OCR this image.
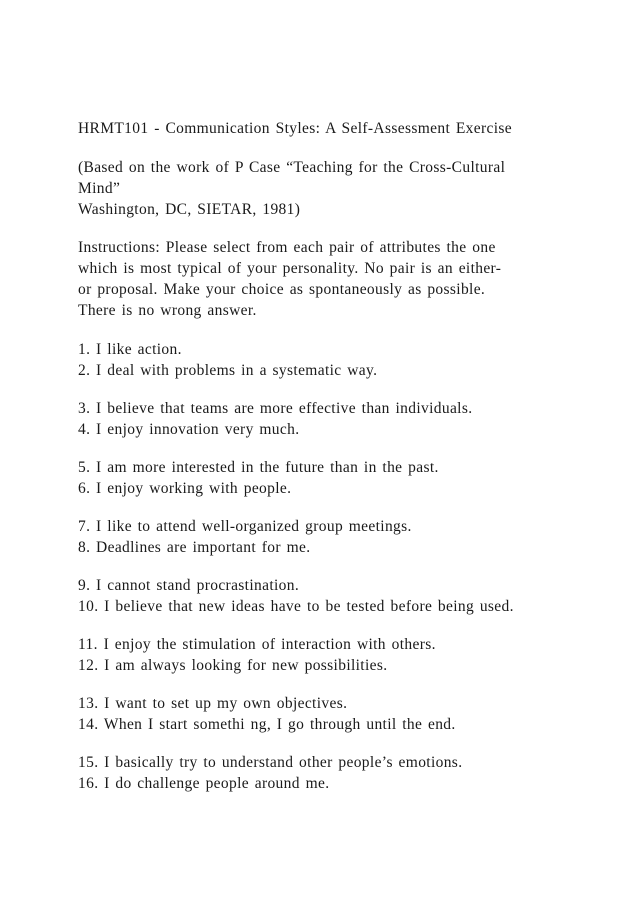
HRMT101 - Communication Styles: A Self-Assessment Exercise
(Based on the work of P Case “Teaching for the Cross-Cultural
Mind”
Washington, DC, SIETAR, 1981)
Instructions: Please select from each pair of attributes the one
which is most typical of your personality. No pair is an either-
or proposal. Make your choice as spontaneously as possible.
There is no wrong answer.
1. I like action.
2. I deal with problems in a systematic way.
3. I believe that teams are more effective than individuals.
4. I enjoy innovation very much.
5. I am more interested in the future than in the past.
6. I enjoy working with people.
7. I like to attend well-organized group meetings.
8. Deadlines are important for me.
9. I cannot stand procrastination.
10. I believe that new ideas have to be tested before being used.
11. I enjoy the stimulation of interaction with others.
12. I am always looking for new possibilities.
13. I want to set up my own objectives.
14. When I start somethi ng, I go through until the end.
15. I basically try to understand other people’s emotions.
16. I do challenge people around me.
